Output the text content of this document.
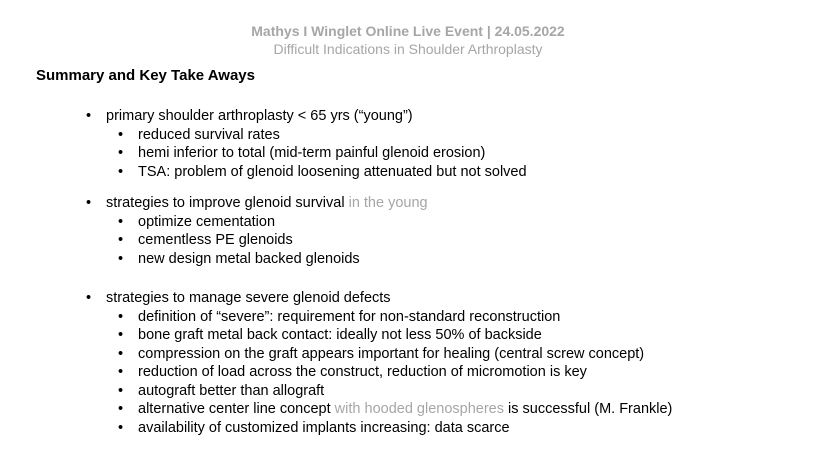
Mathys I Winglet Online Live Event | 24.05.2022
Difficult Indications in Shoulder Arthroplasty
Summary and Key Take Aways
•	primary shoulder arthroplasty < 65 yrs (“young”)
•	reduced survival rates
•	hemi inferior to total (mid-term painful glenoid erosion)
•	TSA: problem of glenoid loosening attenuated but not solved
•	strategies to improve glenoid survival in the young
•	optimize cementation
•	cementless PE glenoids
•	new design metal backed glenoids
•	strategies to manage severe glenoid defects
•	definition of “severe”: requirement for non-standard reconstruction
•	bone graft metal back contact: ideally not less 50% of backside
•	compression on the graft appears important for healing (central screw concept)
•	reduction of load across the construct, reduction of micromotion is key
•	autograft better than allograft
•	alternative center line concept with hooded glenospheres is successful (M. Frankle)
•	availability of customized implants increasing: data scarce
